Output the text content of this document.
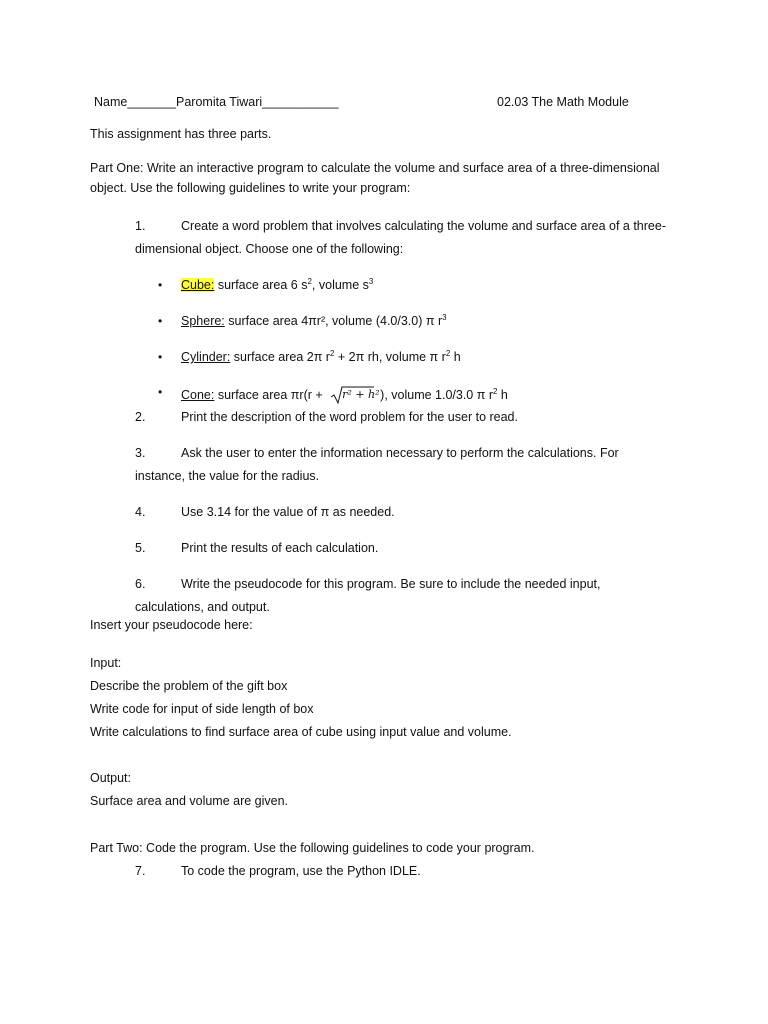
Name_______Paromita Tiwari___________	02.03 The Math Module
This assignment has three parts.
Part One: Write an interactive program to calculate the volume and surface area of a three-dimensional
object. Use the following guidelines to write your program:
1.	Create a word problem that involves calculating the volume and surface area of a three-
dimensional object. Choose one of the following:
•	Cube: surface area 6 $s^2$, volume $s^3$
•	Sphere: surface area 4πr², volume (4.0/3.0) π $r^3$
•	Cylinder: surface area 2π $r^2 + 2\pi$ rh, volume π $r^2$ h
•	Cone: surface area πr(r + r² + h² ), volume 1.0/3.0 π $r^2$ h
2.	Print the description of the word problem for the user to read.
3.	Ask the user to enter the information necessary to perform the calculations. For
instance, the value for the radius.
4.	Use 3.14 for the value of π as needed.
5.	Print the results of each calculation.
6.	Write the pseudocode for this program. Be sure to include the needed input,
calculations, and output.
Insert your pseudocode here:
Input:
Describe the problem of the gift box
Write code for input of side length of box
Write calculations to find surface area of cube using input value and volume.
Output:
Surface area and volume are given.
Part Two: Code the program. Use the following guidelines to code your program.
7.	To code the program, use the Python IDLE.
